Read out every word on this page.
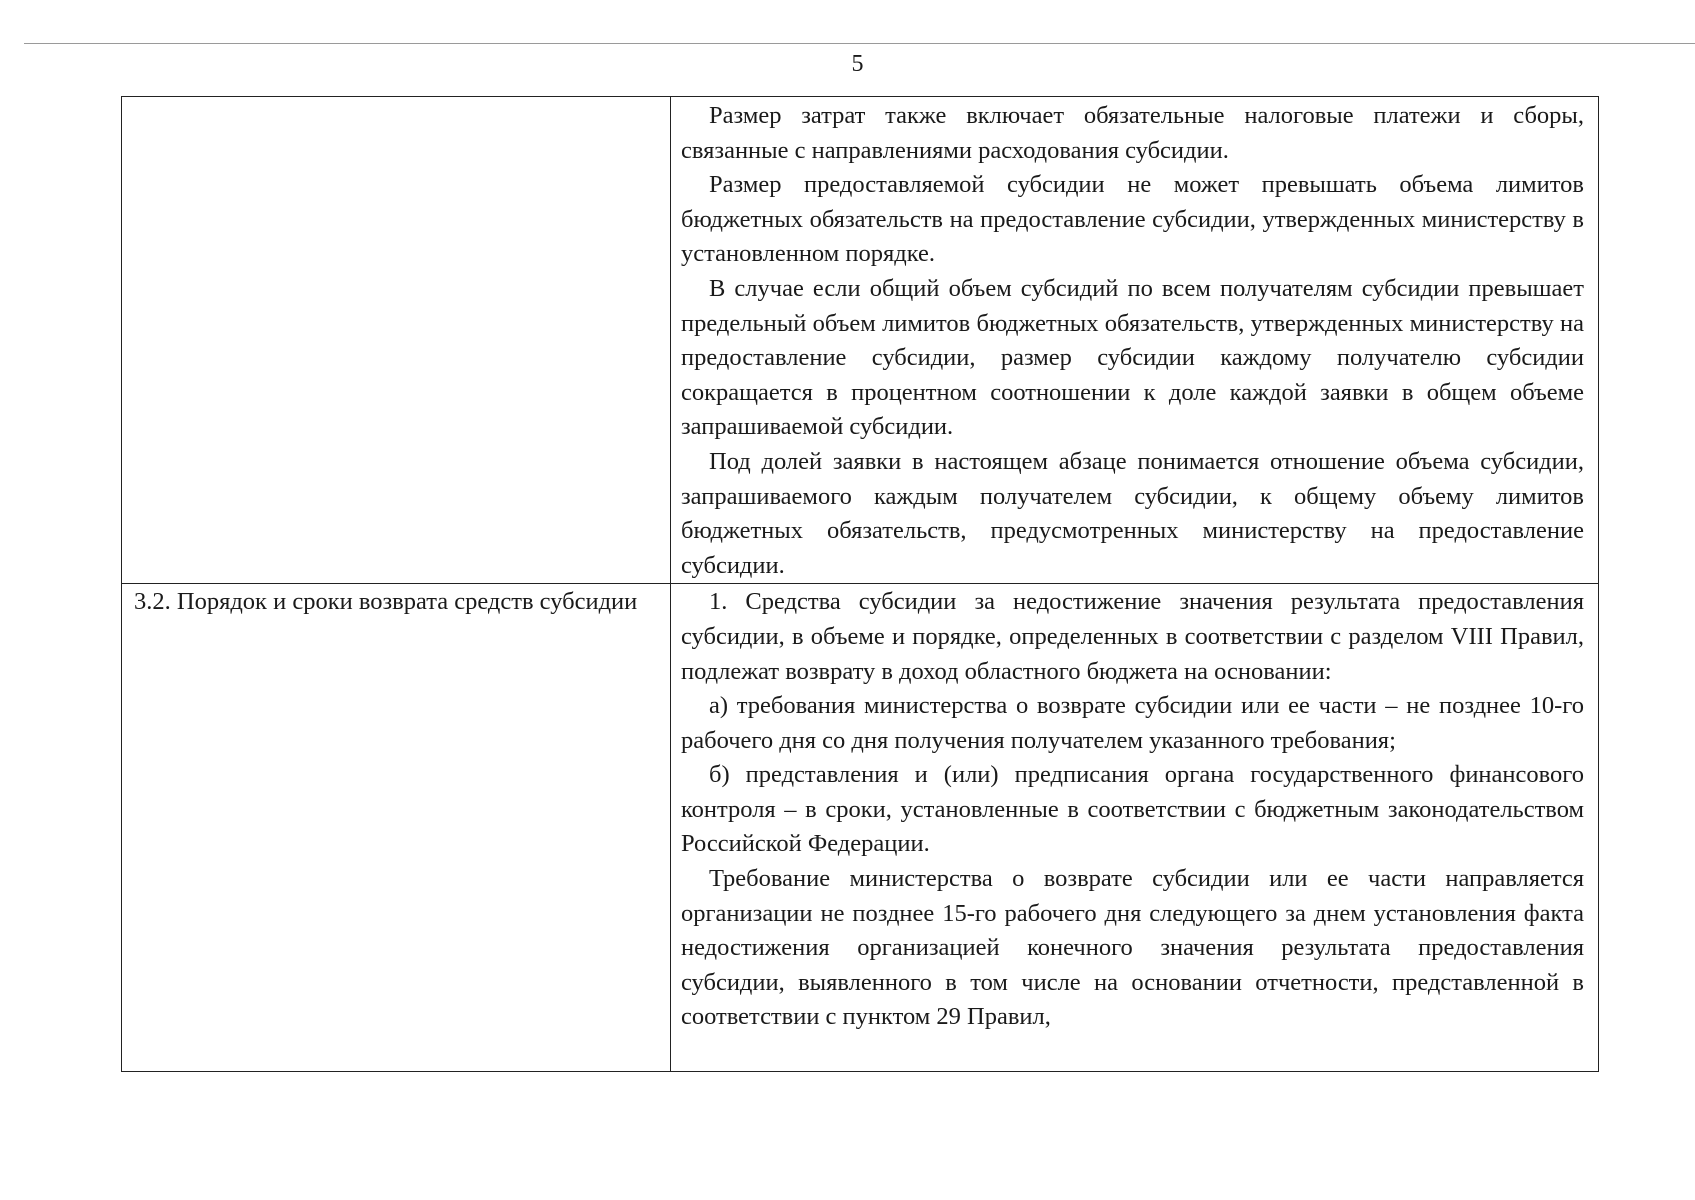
5

	Размер затрат также включает обязательные налоговые платежи и сборы, связанные с направлениями расходования субсидии.

Размер предоставляемой субсидии не может превышать объема лимитов бюджетных обязательств на предоставление субсидии, утвержденных министерству в установленном порядке.

В случае если общий объем субсидий по всем получателям субсидии превышает предельный объем лимитов бюджетных обязательств, утвержденных министерству на предоставление субсидии, размер субсидии каждому получателю субсидии сокращается в процентном соотношении к доле каждой заявки в общем объеме запрашиваемой субсидии.

Под долей заявки в настоящем абзаце понимается отношение объема субсидии, запрашиваемого каждым получателем субсидии, к общему объему лимитов бюджетных обязательств, предусмотренных министерству на предоставление субсидии.

3.2. Порядок и сроки возврата средств субсидии	1. Средства субсидии за недостижение значения результата предоставления субсидии, в объеме и порядке, определенных в соответствии с разделом VIII Правил, подлежат возврату в доход областного бюджета на основании:

а) требования министерства о возврате субсидии или ее части – не позднее 10-го рабочего дня со дня получения получателем указанного требования;

б) представления и (или) предписания органа государственного финансового контроля – в сроки, установленные в соответствии с бюджетным законодательством Российской Федерации.

Требование министерства о возврате субсидии или ее части направляется организации не позднее 15-го рабочего дня следующего за днем установления факта недостижения организацией конечного значения результата предоставления субсидии, выявленного в том числе на основании отчетности, представленной в соответствии с пунктом 29 Правил,
